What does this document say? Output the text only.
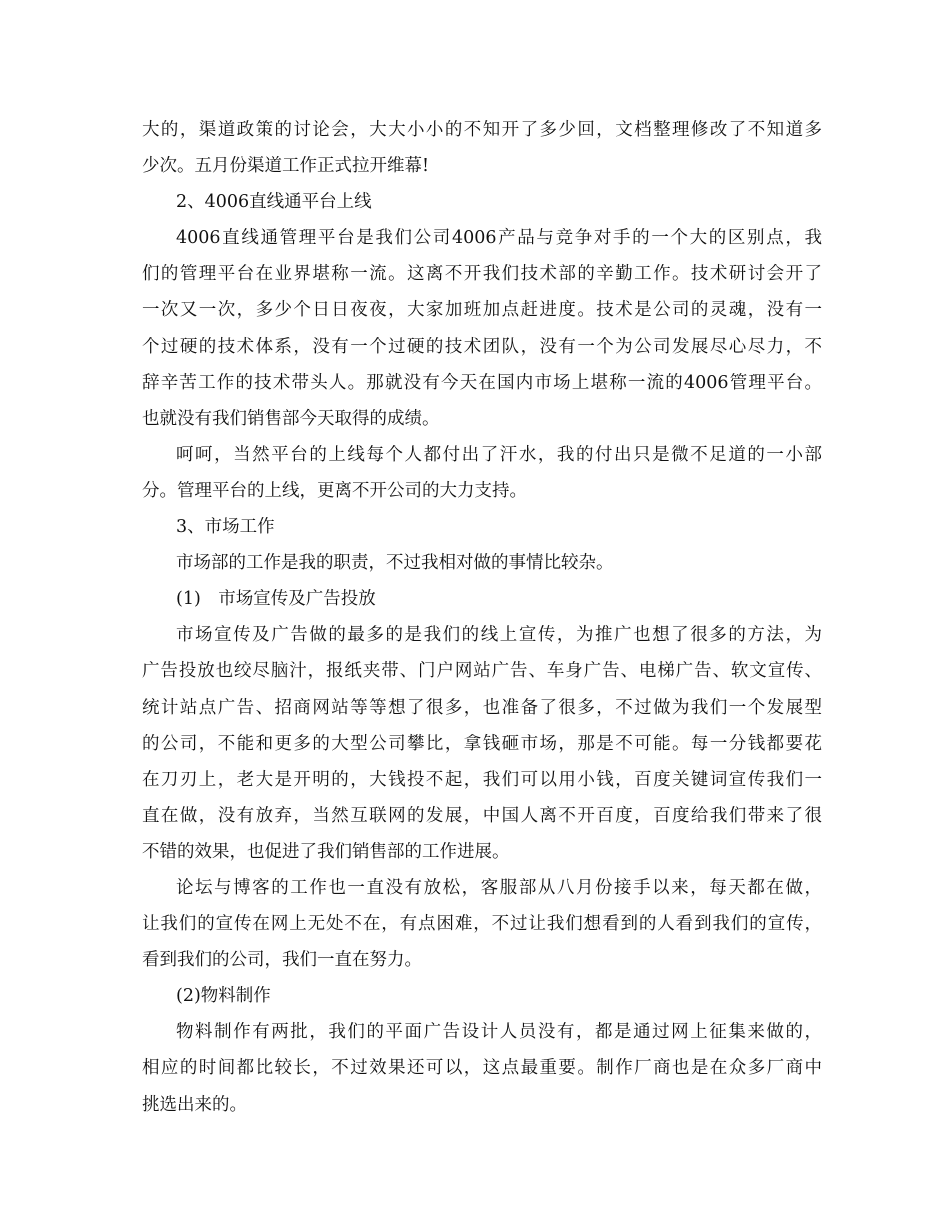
大的，渠道政策的讨论会，大大小小的不知开了多少回，文档整理修改了不知道多
少次。五月份渠道工作正式拉开维幕!
2、4006直线通平台上线
4006直线通管理平台是我们公司4006产品与竞争对手的一个大的区别点，我
们的管理平台在业界堪称一流。这离不开我们技术部的辛勤工作。技术研讨会开了
一次又一次，多少个日日夜夜，大家加班加点赶进度。技术是公司的灵魂，没有一
个过硬的技术体系，没有一个过硬的技术团队，没有一个为公司发展尽心尽力，不
辞辛苦工作的技术带头人。那就没有今天在国内市场上堪称一流的4006管理平台。
也就没有我们销售部今天取得的成绩。
呵呵，当然平台的上线每个人都付出了汗水，我的付出只是微不足道的一小部
分。管理平台的上线，更离不开公司的大力支持。
3、市场工作
市场部的工作是我的职责，不过我相对做的事情比较杂。
(1)　市场宣传及广告投放
市场宣传及广告做的最多的是我们的线上宣传，为推广也想了很多的方法，为
广告投放也绞尽脑汁，报纸夹带、门户网站广告、车身广告、电梯广告、软文宣传、
统计站点广告、招商网站等等想了很多，也准备了很多，不过做为我们一个发展型
的公司，不能和更多的大型公司攀比，拿钱砸市场，那是不可能。每一分钱都要花
在刀刃上，老大是开明的，大钱投不起，我们可以用小钱，百度关键词宣传我们一
直在做，没有放弃，当然互联网的发展，中国人离不开百度，百度给我们带来了很
不错的效果，也促进了我们销售部的工作进展。
论坛与博客的工作也一直没有放松，客服部从八月份接手以来，每天都在做，
让我们的宣传在网上无处不在，有点困难，不过让我们想看到的人看到我们的宣传，
看到我们的公司，我们一直在努力。
(2)物料制作
物料制作有两批，我们的平面广告设计人员没有，都是通过网上征集来做的，
相应的时间都比较长，不过效果还可以，这点最重要。制作厂商也是在众多厂商中
挑选出来的。
